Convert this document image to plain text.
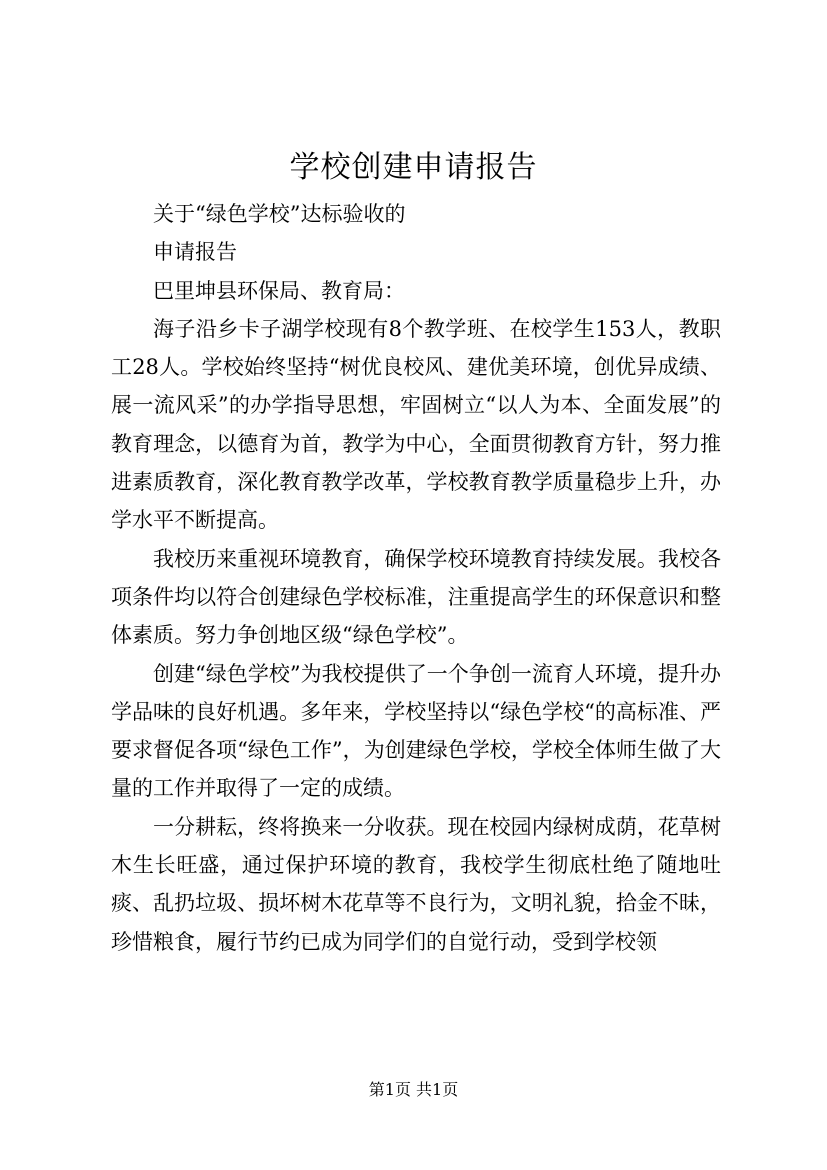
学校创建申请报告
关于“绿色学校”达标验收的
申请报告
巴里坤县环保局、教育局：

海子沿乡卡子湖学校现有8个教学班、在校学生153人，教职工28人。学校始终坚持“树优良校风、建优美环境，创优异成绩、展一流风采”的办学指导思想，牢固树立“以人为本、全面发展”的教育理念，以德育为首，教学为中心，全面贯彻教育方针，努力推进素质教育，深化教育教学改革，学校教育教学质量稳步上升，办学水平不断提高。

我校历来重视环境教育，确保学校环境教育持续发展。我校各项条件均以符合创建绿色学校标准，注重提高学生的环保意识和整体素质。努力争创地区级“绿色学校”。

创建“绿色学校”为我校提供了一个争创一流育人环境，提升办学品味的良好机遇。多年来，学校坚持以“绿色学校“的高标准、严要求督促各项“绿色工作”，为创建绿色学校，学校全体师生做了大量的工作并取得了一定的成绩。

一分耕耘，终将换来一分收获。现在校园内绿树成荫，花草树木生长旺盛，通过保护环境的教育，我校学生彻底杜绝了随地吐痰、乱扔垃圾、损坏树木花草等不良行为，文明礼貌，拾金不昧，珍惜粮食，履行节约已成为同学们的自觉行动，受到学校领

第1页 共1页
